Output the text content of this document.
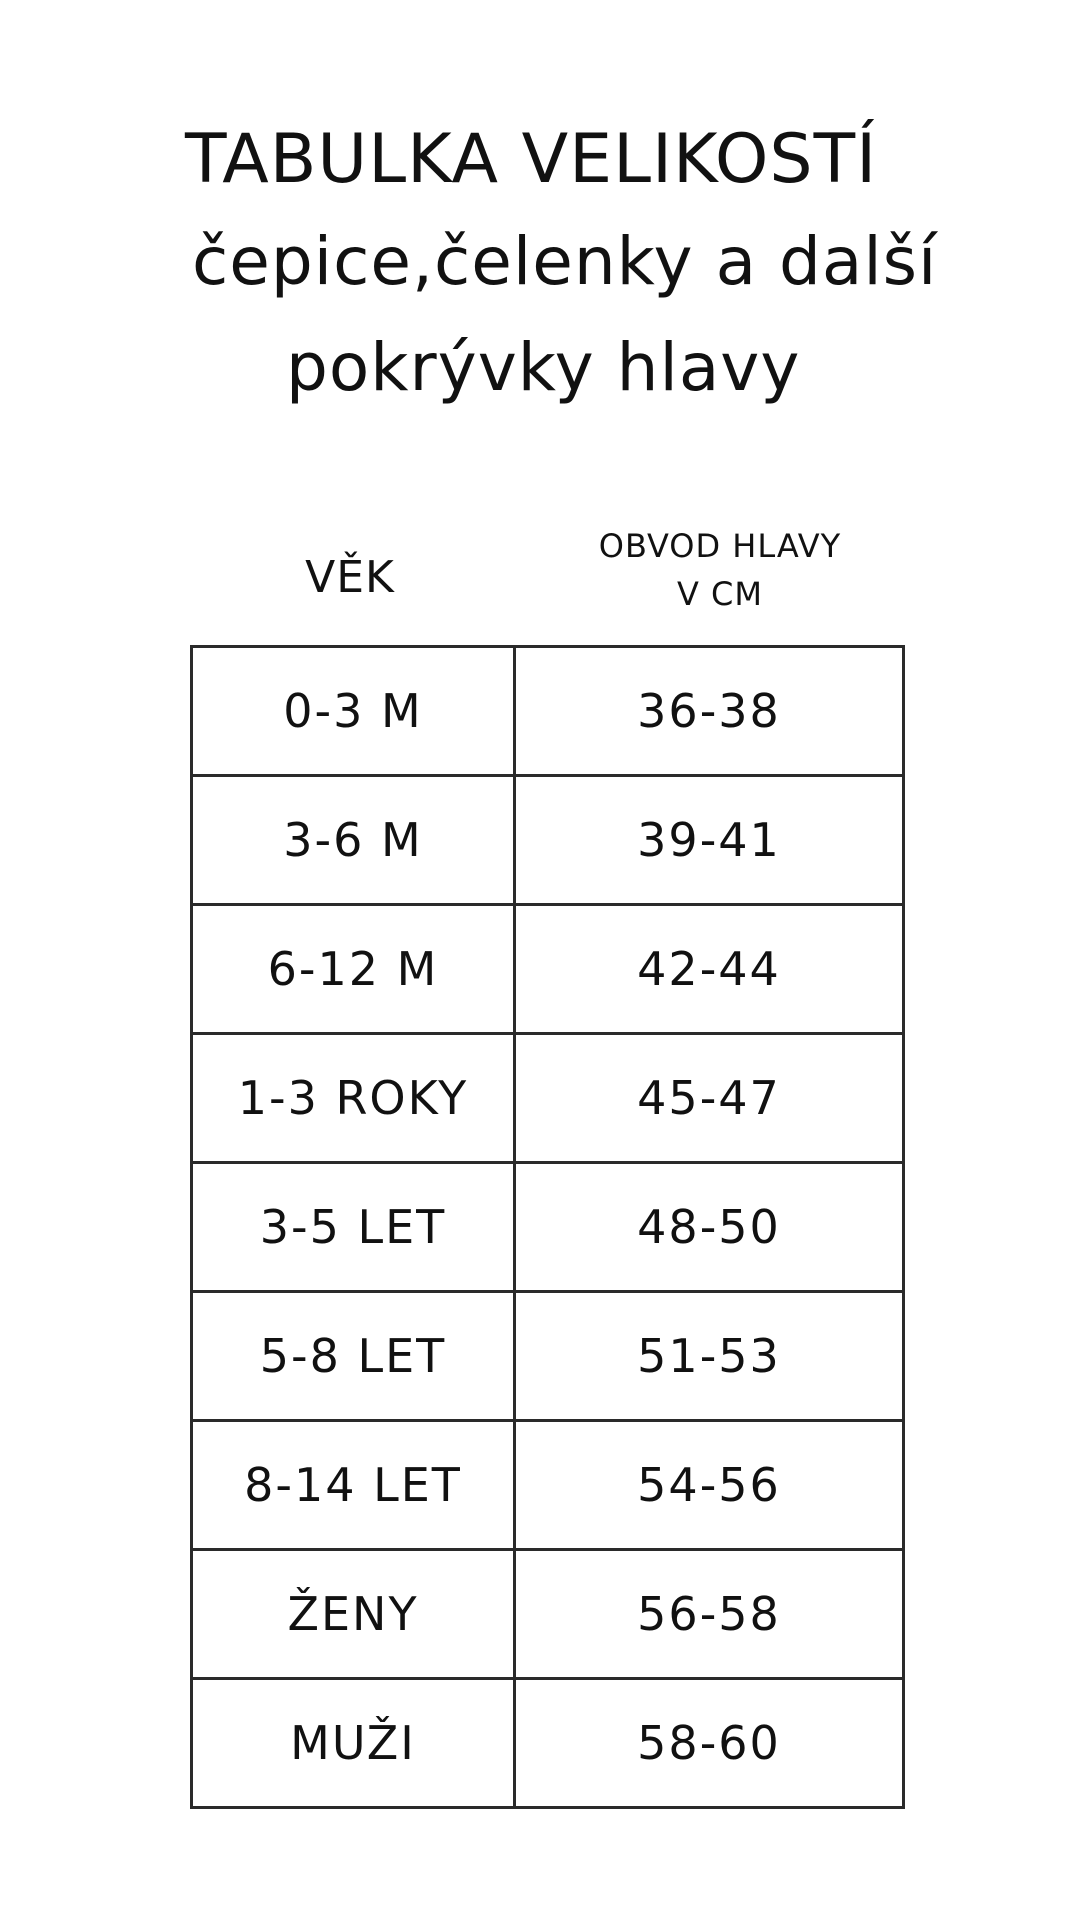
TABULKA VELIKOSTÍ
čepice,čelenky a další
pokrývky hlavy
VĚK
OBVOD HLAVY
V CM
0-3 M	36-38
3-6 M	39-41
6-12 M	42-44
1-3 ROKY	45-47
3-5 LET	48-50
5-8 LET	51-53
8-14 LET	54-56
ŽENY	56-58
MUŽI	58-60
